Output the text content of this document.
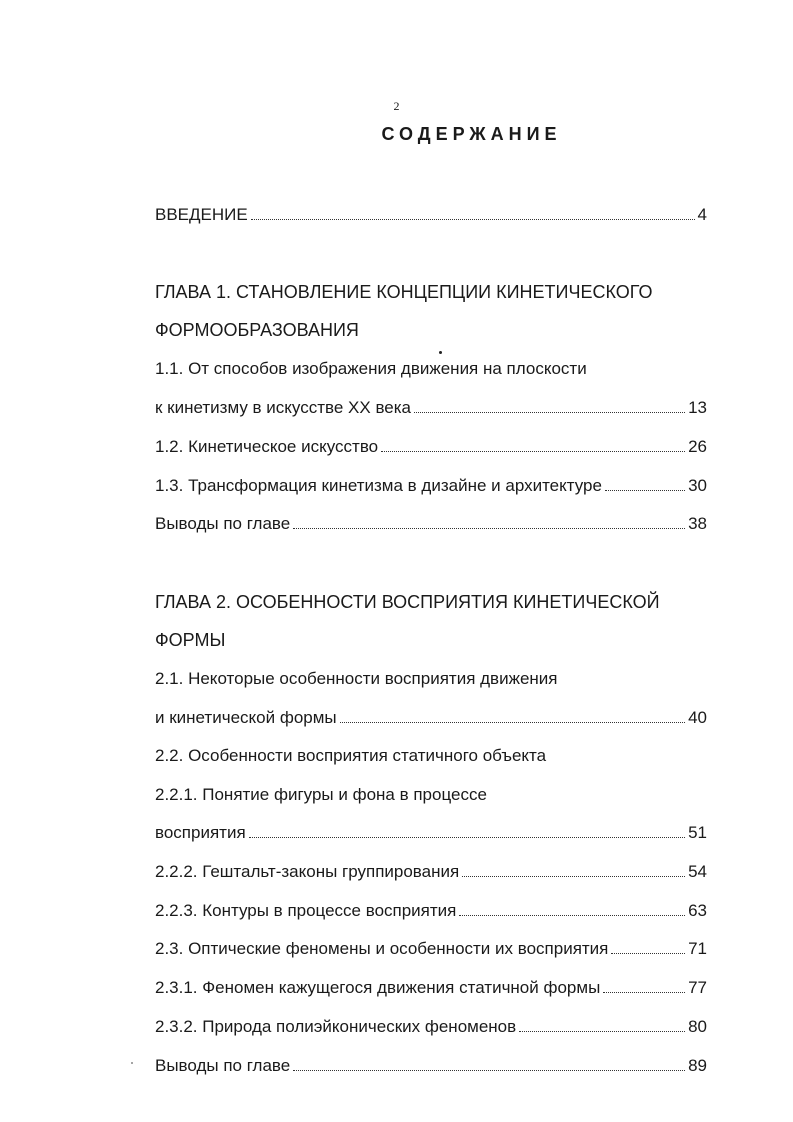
2
СОДЕРЖАНИЕ
ВВЕДЕНИЕ	4
ГЛАВА 1. СТАНОВЛЕНИЕ КОНЦЕПЦИИ КИНЕТИЧЕСКОГО
ФОРМООБРАЗОВАНИЯ
1.1. От способов изображения движения на плоскости
к кинетизму в искусстве XX века	13
1.2. Кинетическое искусство	26
1.3. Трансформация кинетизма в дизайне и архитектуре	30
Выводы по главе	38
ГЛАВА 2. ОСОБЕННОСТИ ВОСПРИЯТИЯ КИНЕТИЧЕСКОЙ
ФОРМЫ
2.1. Некоторые особенности восприятия движения
и кинетической формы	40
2.2. Особенности восприятия статичного объекта
2.2.1. Понятие фигуры и фона в процессе
восприятия	51
2.2.2. Гештальт-законы группирования	54
2.2.3. Контуры в процессе восприятия	63
2.3. Оптические феномены и особенности их восприятия	71
2.3.1. Феномен кажущегося движения статичной формы	77
2.3.2. Природа полиэйконических феноменов	80
Выводы по главе	89
